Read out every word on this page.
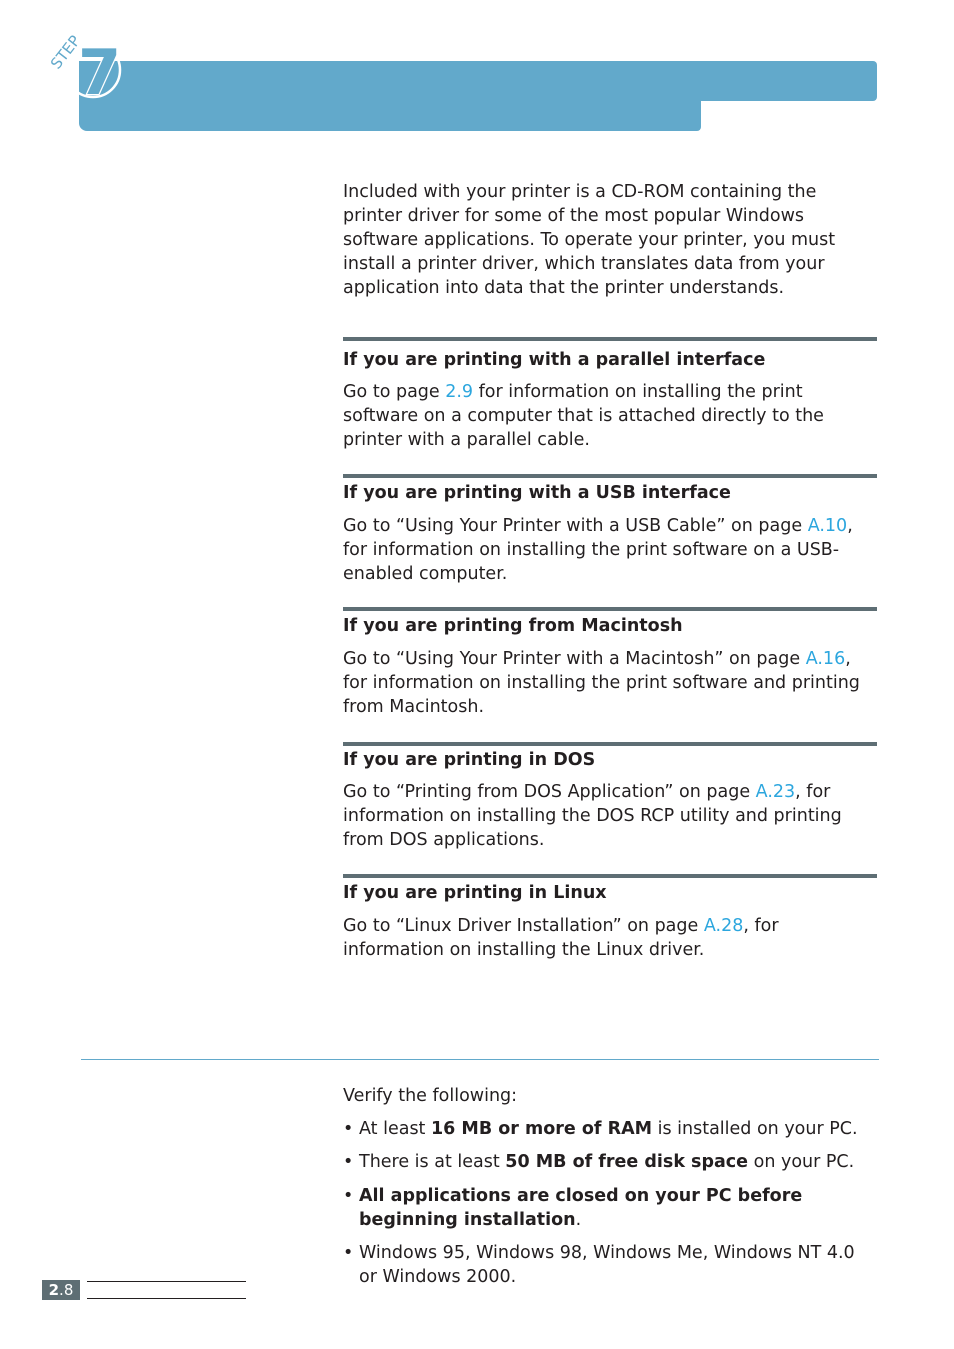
STEP
7

Included with your printer is a CD-ROM containing the printer driver for some of the most popular Windows software applications. To operate your printer, you must install a printer driver, which translates data from your application into data that the printer understands.

If you are printing with a parallel interface

Go to page 2.9 for information on installing the print software on a computer that is attached directly to the printer with a parallel cable.

If you are printing with a USB interface

Go to “Using Your Printer with a USB Cable” on page A.10, for information on installing the print software on a USB-enabled computer.

If you are printing from Macintosh

Go to “Using Your Printer with a Macintosh” on page A.16, for information on installing the print software and printing from Macintosh.

If you are printing in DOS

Go to “Printing from DOS Application” on page A.23, for information on installing the DOS RCP utility and printing from DOS applications.

If you are printing in Linux

Go to “Linux Driver Installation” on page A.28, for information on installing the Linux driver.

Verify the following:
• At least 16 MB or more of RAM is installed on your PC.
• There is at least 50 MB of free disk space on your PC.
• All applications are closed on your PC before beginning installation.
• Windows 95, Windows 98, Windows Me, Windows NT 4.0 or Windows 2000.
2.8
